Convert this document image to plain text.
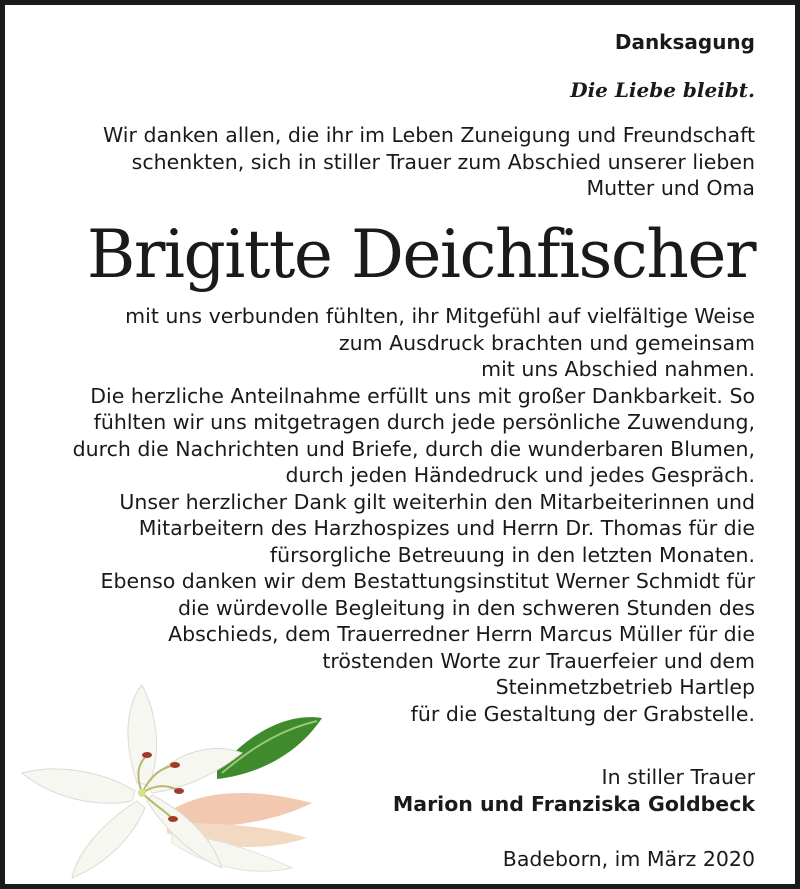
Danksagung
Die Liebe bleibt.
Wir danken allen, die ihr im Leben Zuneigung und Freundschaft
schenkten, sich in stiller Trauer zum Abschied unserer lieben
Mutter und Oma
Brigitte Deichfischer
mit uns verbunden fühlten, ihr Mitgefühl auf vielfältige Weise
zum Ausdruck brachten und gemeinsam
mit uns Abschied nahmen.
Die herzliche Anteilnahme erfüllt uns mit großer Dankbarkeit. So
fühlten wir uns mitgetragen durch jede persönliche Zuwendung,
durch die Nachrichten und Briefe, durch die wunderbaren Blumen,
durch jeden Händedruck und jedes Gespräch.
Unser herzlicher Dank gilt weiterhin den Mitarbeiterinnen und
Mitarbeitern des Harzhospizes und Herrn Dr. Thomas für die
fürsorgliche Betreuung in den letzten Monaten.
Ebenso danken wir dem Bestattungsinstitut Werner Schmidt für
die würdevolle Begleitung in den schweren Stunden des
Abschieds, dem Trauerredner Herrn Marcus Müller für die
tröstenden Worte zur Trauerfeier und dem
Steinmetzbetrieb Hartlep
für die Gestaltung der Grabstelle.
In stiller Trauer
Marion und Franziska Goldbeck
Badeborn, im März 2020
